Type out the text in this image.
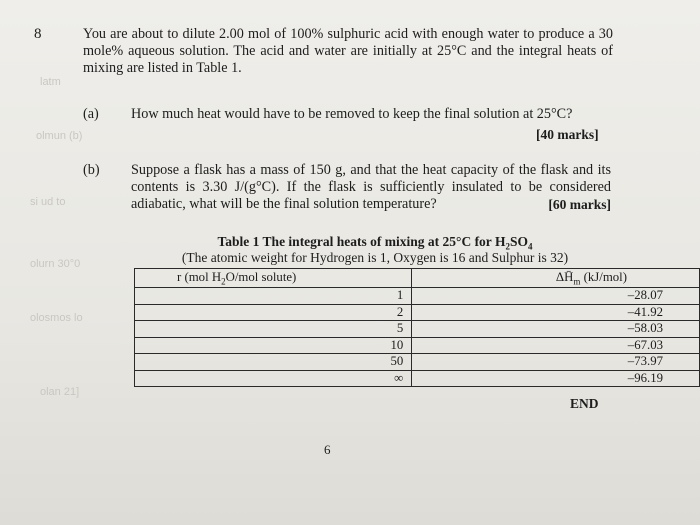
latm
olmun (b)
si ud to
olurn 30°0
olosmos lo
olan 21]
8	You are about to dilute 2.00 mol of 100% sulphuric acid with enough water to produce a 30 mole% aqueous solution. The acid and water are initially at 25°C and the integral heats of mixing are listed in Table 1.
(a) How much heat would have to be removed to keep the final solution at 25°C?
[40 marks]
(b) Suppose a flask has a mass of 150 g, and that the heat capacity of the flask and its contents is 3.30 J/(g°C). If the flask is sufficiently insulated to be considered adiabatic, what will be the final solution temperature?	[60 marks]
Table 1 The integral heats of mixing at 25°C for $H_2SO_4$
(The atomic weight for Hydrogen is 1, Oxygen is 16 and Sulphur is 32)
r (mol $H_2O$/mol solute)	$\Delta H̄_m$ (kJ/mol)
1	–28.07
2	–41.92
5	–58.03
10	–67.03
50	–73.97
∞	–96.19
END
6
